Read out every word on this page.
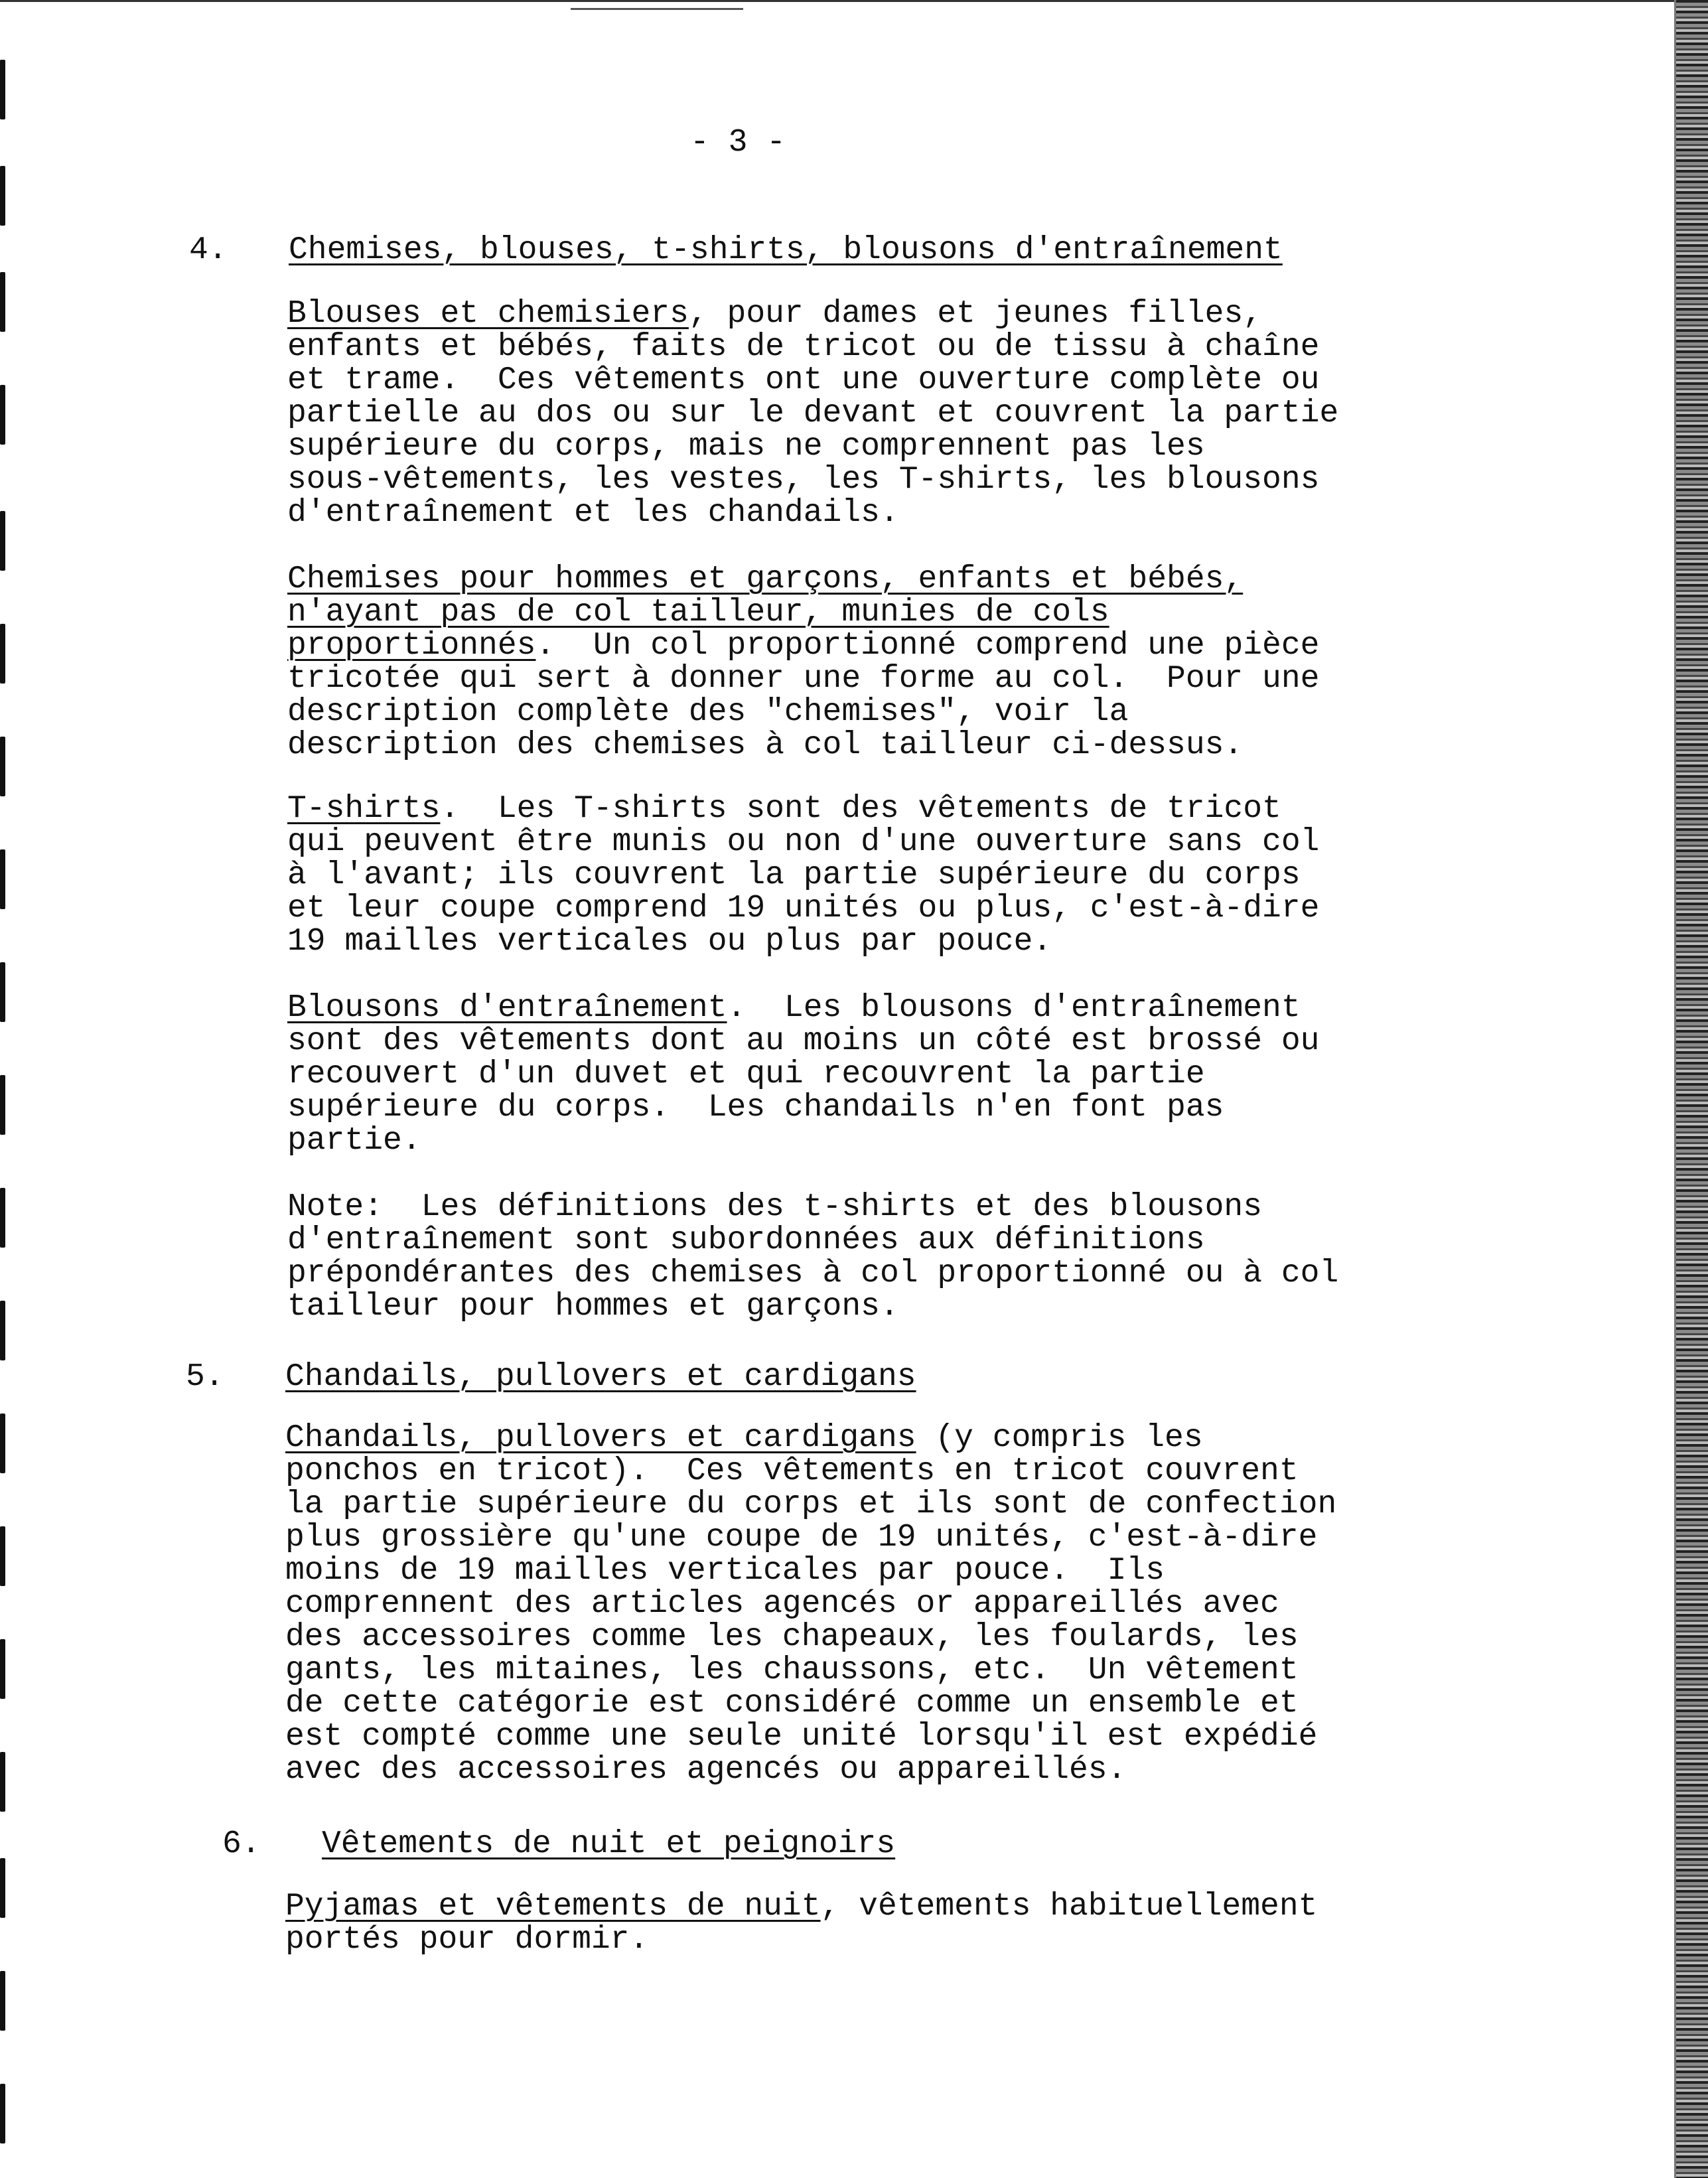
- 3 -
4. Chemises, blouses, t-shirts, blousons d'entraînement

Blouses et chemisiers, pour dames et jeunes filles,
enfants et bébés, faits de tricot ou de tissu à chaîne
et trame.  Ces vêtements ont une ouverture complète ou
partielle au dos ou sur le devant et couvrent la partie
supérieure du corps, mais ne comprennent pas les
sous-vêtements, les vestes, les T-shirts, les blousons
d'entraînement et les chandails.

Chemises pour hommes et garçons, enfants et bébés,
n'ayant pas de col tailleur, munies de cols
proportionnés.  Un col proportionné comprend une pièce
tricotée qui sert à donner une forme au col.  Pour une
description complète des "chemises", voir la
description des chemises à col tailleur ci-dessus.

T-shirts.  Les T-shirts sont des vêtements de tricot
qui peuvent être munis ou non d'une ouverture sans col
à l'avant; ils couvrent la partie supérieure du corps
et leur coupe comprend 19 unités ou plus, c'est-à-dire
19 mailles verticales ou plus par pouce.

Blousons d'entraînement.  Les blousons d'entraînement
sont des vêtements dont au moins un côté est brossé ou
recouvert d'un duvet et qui recouvrent la partie
supérieure du corps.  Les chandails n'en font pas
partie.

Note:  Les définitions des t-shirts et des blousons
d'entraînement sont subordonnées aux définitions
prépondérantes des chemises à col proportionné ou à col
tailleur pour hommes et garçons.

5. Chandails, pullovers et cardigans

Chandails, pullovers et cardigans (y compris les
ponchos en tricot).  Ces vêtements en tricot couvrent
la partie supérieure du corps et ils sont de confection
plus grossière qu'une coupe de 19 unités, c'est-à-dire
moins de 19 mailles verticales par pouce.  Ils
comprennent des articles agencés or appareillés avec
des accessoires comme les chapeaux, les foulards, les
gants, les mitaines, les chaussons, etc.  Un vêtement
de cette catégorie est considéré comme un ensemble et
est compté comme une seule unité lorsqu'il est expédié
avec des accessoires agencés ou appareillés.

6. Vêtements de nuit et peignoirs

Pyjamas et vêtements de nuit, vêtements habituellement
portés pour dormir.
